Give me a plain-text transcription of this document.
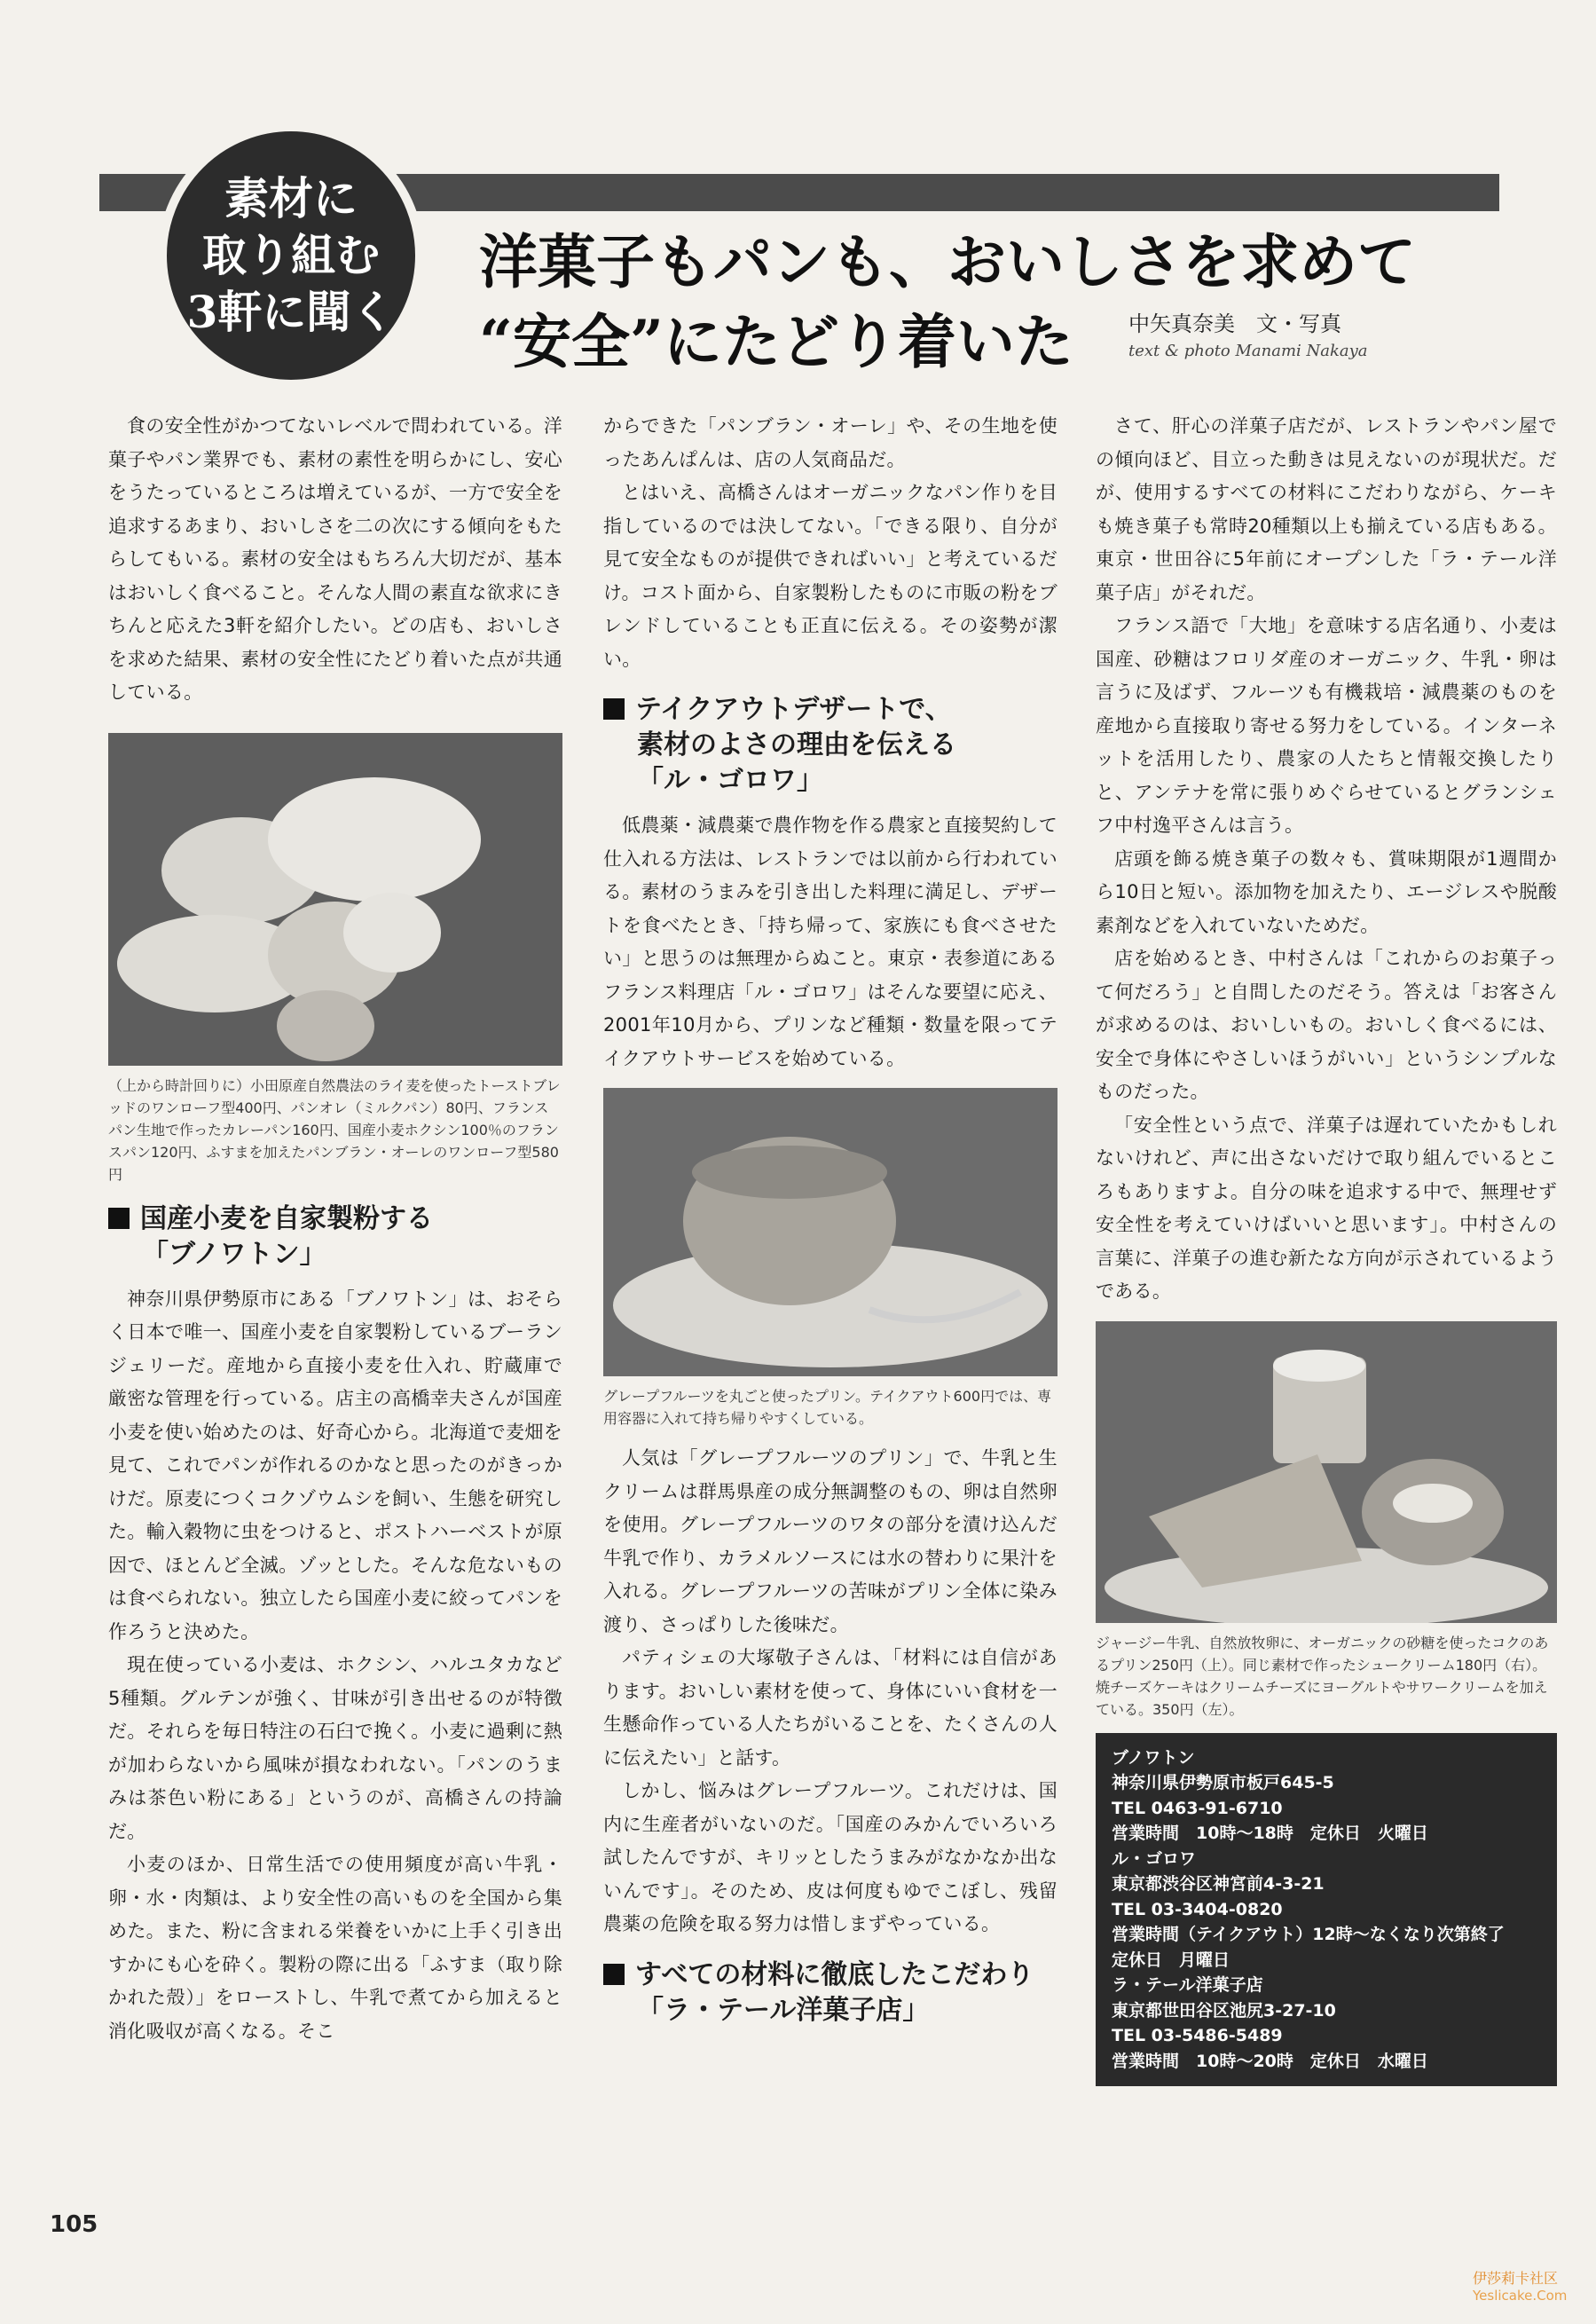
素材に
取り組む
3軒に聞く
洋菓子もパンも、おいしさを求めて
“安全”にたどり着いた	中矢真奈美　文・写真
text & photo Manami Nakaya

食の安全性がかつてないレベルで問われている。洋菓子やパン業界でも、素材の素性を明らかにし、安心をうたっているところは増えているが、一方で安全を追求するあまり、おいしさを二の次にする傾向をもたらしてもいる。素材の安全はもちろん大切だが、基本はおいしく食べること。そんな人間の素直な欲求にきちんと応えた3軒を紹介したい。どの店も、おいしさを求めた結果、素材の安全性にたどり着いた点が共通している。

（上から時計回りに）小田原産自然農法のライ麦を使ったトーストブレッドのワンローフ型400円、パンオレ（ミルクパン）80円、フランスパン生地で作ったカレーパン160円、国産小麦ホクシン100％のフランスパン120円、ふすまを加えたパンブラン・オーレのワンローフ型580円
国産小麦を自家製粉する
「ブノワトン」

神奈川県伊勢原市にある「ブノワトン」は、おそらく日本で唯一、国産小麦を自家製粉しているブーランジェリーだ。産地から直接小麦を仕入れ、貯蔵庫で厳密な管理を行っている。店主の高橋幸夫さんが国産小麦を使い始めたのは、好奇心から。北海道で麦畑を見て、これでパンが作れるのかなと思ったのがきっかけだ。原麦につくコクゾウムシを飼い、生態を研究した。輸入穀物に虫をつけると、ポストハーベストが原因で、ほとんど全滅。ゾッとした。そんな危ないものは食べられない。独立したら国産小麦に絞ってパンを作ろうと決めた。

現在使っている小麦は、ホクシン、ハルユタカなど5種類。グルテンが強く、甘味が引き出せるのが特徴だ。それらを毎日特注の石臼で挽く。小麦に過剰に熱が加わらないから風味が損なわれない。「パンのうまみは茶色い粉にある」というのが、高橋さんの持論だ。

小麦のほか、日常生活での使用頻度が高い牛乳・卵・水・肉類は、より安全性の高いものを全国から集めた。また、粉に含まれる栄養をいかに上手く引き出すかにも心を砕く。製粉の際に出る「ふすま（取り除かれた殻）」をローストし、牛乳で煮てから加えると消化吸収が高くなる。そこ

からできた「パンブラン・オーレ」や、その生地を使ったあんぱんは、店の人気商品だ。

とはいえ、高橋さんはオーガニックなパン作りを目指しているのでは決してない。「できる限り、自分が見て安全なものが提供できればいい」と考えているだけ。コスト面から、自家製粉したものに市販の粉をブレンドしていることも正直に伝える。その姿勢が潔い。

テイクアウトデザートで、
素材のよさの理由を伝える
「ル・ゴロワ」

低農薬・減農薬で農作物を作る農家と直接契約して仕入れる方法は、レストランでは以前から行われている。素材のうまみを引き出した料理に満足し、デザートを食べたとき、「持ち帰って、家族にも食べさせたい」と思うのは無理からぬこと。東京・表参道にあるフランス料理店「ル・ゴロワ」はそんな要望に応え、2001年10月から、プリンなど種類・数量を限ってテイクアウトサービスを始めている。

グレープフルーツを丸ごと使ったプリン。テイクアウト600円では、専用容器に入れて持ち帰りやすくしている。

人気は「グレープフルーツのプリン」で、牛乳と生クリームは群馬県産の成分無調整のもの、卵は自然卵を使用。グレープフルーツのワタの部分を漬け込んだ牛乳で作り、カラメルソースには水の替わりに果汁を入れる。グレープフルーツの苦味がプリン全体に染み渡り、さっぱりした後味だ。

パティシェの大塚敬子さんは、「材料には自信があります。おいしい素材を使って、身体にいい食材を一生懸命作っている人たちがいることを、たくさんの人に伝えたい」と話す。

しかし、悩みはグレープフルーツ。これだけは、国内に生産者がいないのだ。「国産のみかんでいろいろ試したんですが、キリッとしたうまみがなかなか出ないんです」。そのため、皮は何度もゆでこぼし、残留農薬の危険を取る努力は惜しまずやっている。

すべての材料に徹底したこだわり
「ラ・テール洋菓子店」

さて、肝心の洋菓子店だが、レストランやパン屋での傾向ほど、目立った動きは見えないのが現状だ。だが、使用するすべての材料にこだわりながら、ケーキも焼き菓子も常時20種類以上も揃えている店もある。東京・世田谷に5年前にオープンした「ラ・テール洋菓子店」がそれだ。

フランス語で「大地」を意味する店名通り、小麦は国産、砂糖はフロリダ産のオーガニック、牛乳・卵は言うに及ばず、フルーツも有機栽培・減農薬のものを産地から直接取り寄せる努力をしている。インターネットを活用したり、農家の人たちと情報交換したりと、アンテナを常に張りめぐらせているとグランシェフ中村逸平さんは言う。

店頭を飾る焼き菓子の数々も、賞味期限が1週間から10日と短い。添加物を加えたり、エージレスや脱酸素剤などを入れていないためだ。

店を始めるとき、中村さんは「これからのお菓子って何だろう」と自問したのだそう。答えは「お客さんが求めるのは、おいしいもの。おいしく食べるには、安全で身体にやさしいほうがいい」というシンプルなものだった。

「安全性という点で、洋菓子は遅れていたかもしれないけれど、声に出さないだけで取り組んでいるところもありますよ。自分の味を追求する中で、無理せず安全性を考えていけばいいと思います」。中村さんの言葉に、洋菓子の進む新たな方向が示されているようである。

ジャージー牛乳、自然放牧卵に、オーガニックの砂糖を使ったコクのあるプリン250円（上）。同じ素材で作ったシュークリーム180円（右）。焼チーズケーキはクリームチーズにヨーグルトやサワークリームを加えている。350円（左）。
ブノワトン
神奈川県伊勢原市板戸645-5
TEL 0463-91-6710
営業時間　10時〜18時　定休日　火曜日
ル・ゴロワ
東京都渋谷区神宮前4-3-21
TEL 03-3404-0820
営業時間（テイクアウト）12時〜なくなり次第終了
定休日　月曜日
ラ・テール洋菓子店
東京都世田谷区池尻3-27-10
TEL 03-5486-5489
営業時間　10時〜20時　定休日　水曜日
105
伊莎莉卡社区
Yeslicake.Com
